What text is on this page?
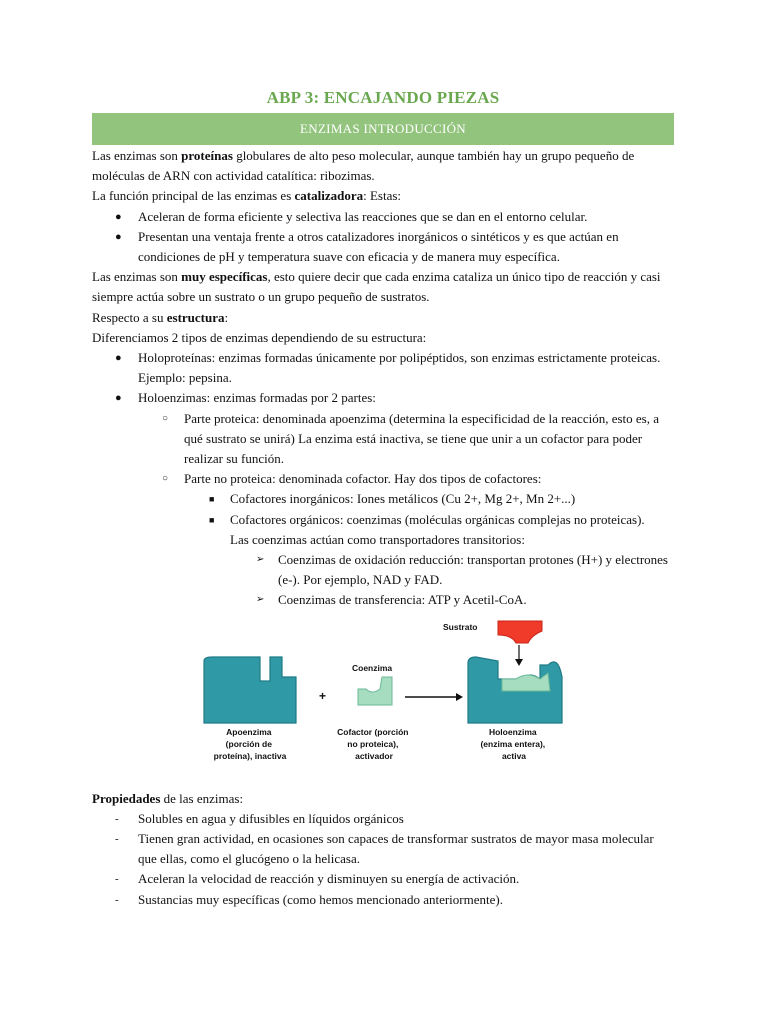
ABP 3: ENCAJANDO PIEZAS
ENZIMAS INTRODUCCIÓN

Las enzimas son proteínas globulares de alto peso molecular, aunque también hay un grupo pequeño de moléculas de ARN con actividad catalítica: ribozimas.

La función principal de las enzimas es catalizadora: Estas:

● Aceleran de forma eficiente y selectiva las reacciones que se dan en el entorno celular.
● Presentan una ventaja frente a otros catalizadores inorgánicos o sintéticos y es que actúan en condiciones de pH y temperatura suave con eficacia y de manera muy específica.

Las enzimas son muy específicas, esto quiere decir que cada enzima cataliza un único tipo de reacción y casi siempre actúa sobre un sustrato o un grupo pequeño de sustratos.

Respecto a su estructura:

Diferenciamos 2 tipos de enzimas dependiendo de su estructura:

● Holoproteínas: enzimas formadas únicamente por polipéptidos, son enzimas estrictamente proteicas. Ejemplo: pepsina.
● Holoenzimas: enzimas formadas por 2 partes:
○ Parte proteica: denominada apoenzima (determina la especificidad de la reacción, esto es, a qué sustrato se unirá) La enzima está inactiva, se tiene que unir a un cofactor para poder realizar su función.
○ Parte no proteica: denominada cofactor. Hay dos tipos de cofactores:
■ Cofactores inorgánicos: Iones metálicos (Cu 2+, Mg 2+, Mn 2+...)
■ Cofactores orgánicos: coenzimas (moléculas orgánicas complejas no proteicas).

Las coenzimas actúan como transportadores transitorios:

➢ Coenzimas de oxidación reducción: transportan protones (H+) y electrones (e-). Por ejemplo, NAD y FAD.
➢ Coenzimas de transferencia: ATP y Acetil-CoA.
+
Coenzima
Sustrato
Apoenzima (porción de proteína), inactiva
Cofactor (porción no proteica), activador
Holoenzima (enzima entera), activa

Propiedades de las enzimas:

- Solubles en agua y difusibles en líquidos orgánicos
- Tienen gran actividad, en ocasiones son capaces de transformar sustratos de mayor masa molecular que ellas, como el glucógeno o la helicasa.
- Aceleran la velocidad de reacción y disminuyen su energía de activación.
- Sustancias muy específicas (como hemos mencionado anteriormente).
